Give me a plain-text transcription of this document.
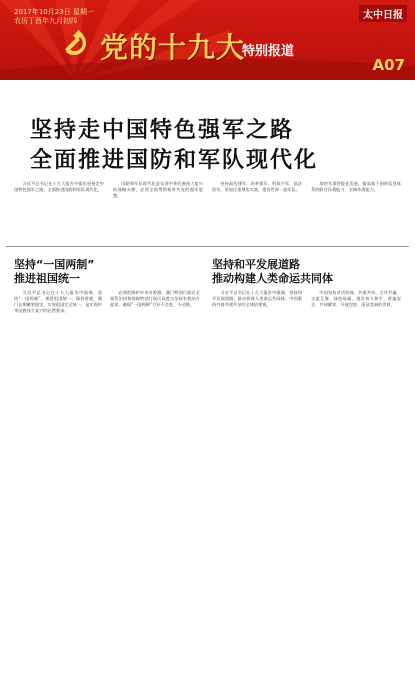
2017年10月23日 星期一
农历丁酉年九月初四
党的十九大
特别报道
太中日报
A07
坚持走中国特色强军之路
全面推进国防和军队现代化

习近平总书记在十九大报告中提出坚持走中国特色强军之路，全面推进国防和军队现代化。

国防和军队现代化是实现中华民族伟大复兴的战略支撑，必须全面贯彻新时代党的强军思想。

坚持政治建军、改革强军、科技兴军、依法治军，更加注重聚焦实战，建设世界一流军队。

加快军事智能化发展，提高基于网络信息体系的联合作战能力、全域作战能力。

坚持“一国两制”
推进祖国统一
坚持和平发展道路
推动构建人类命运共同体

习近平总书记在十九大报告中强调，坚持“一国两制”，推进祖国统一。保持香港、澳门长期繁荣稳定，实现祖国完全统一，是实现中华民族伟大复兴的必然要求。

必须把维护中央对香港、澳门特别行政区全面管治权和保障特别行政区高度自治权有机结合起来，确保“一国两制”方针不会变、不动摇。

习近平总书记在十九大报告中强调，坚持和平发展道路，推动构建人类命运共同体。中国秉持共商共建共享的全球治理观。

中国坚持对话协商、共建共享、合作共赢、交流互鉴、绿色低碳，建设持久和平、普遍安全、共同繁荣、开放包容、清洁美丽的世界。
